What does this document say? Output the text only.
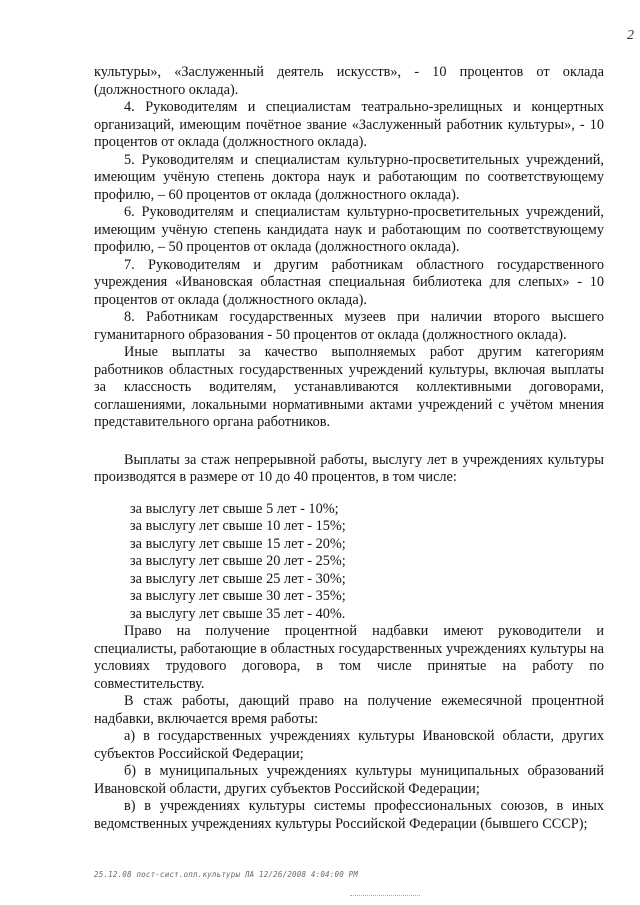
2

культуры», «Заслуженный деятель искусств», - 10 процентов от оклада (должностного оклада).

4. Руководителям и специалистам театрально-зрелищных и концертных организаций, имеющим почётное звание «Заслуженный работник культуры», - 10 процентов от оклада (должностного оклада).

5. Руководителям и специалистам культурно-просветительных учреждений, имеющим учёную степень доктора наук и работающим по соответствующему профилю, – 60 процентов от оклада (должностного оклада).

6. Руководителям и специалистам культурно-просветительных учреждений, имеющим учёную степень кандидата наук и работающим по соответствующему профилю, – 50 процентов от оклада (должностного оклада).

7. Руководителям и другим работникам областного государственного учреждения «Ивановская областная специальная библиотека для слепых» - 10 процентов от оклада (должностного оклада).

8. Работникам государственных музеев при наличии второго высшего гуманитарного образования - 50 процентов от оклада (должностного оклада).

Иные выплаты за качество выполняемых работ другим категориям работников областных государственных учреждений культуры, включая выплаты за классность водителям, устанавливаются коллективными договорами, соглашениями, локальными нормативными актами учреждений с учётом мнения представительного органа работников.

Выплаты за стаж непрерывной работы, выслугу лет в учреждениях культуры производятся в размере от 10 до 40 процентов, в том числе:

за выслугу лет свыше 5 лет - 10%;
за выслугу лет свыше 10 лет - 15%;
за выслугу лет свыше 15 лет - 20%;
за выслугу лет свыше 20 лет - 25%;
за выслугу лет свыше 25 лет - 30%;
за выслугу лет свыше 30 лет - 35%;
за выслугу лет свыше 35 лет - 40%.

Право на получение процентной надбавки имеют руководители и специалисты, работающие в областных государственных учреждениях культуры на условиях трудового договора, в том числе принятые на работу по совместительству.

В стаж работы, дающий право на получение ежемесячной процентной надбавки, включается время работы:

а) в государственных учреждениях культуры Ивановской области, других субъектов Российской Федерации;

б) в муниципальных учреждениях культуры муниципальных образований Ивановской области, других субъектов Российской Федерации;

в) в учреждениях культуры системы профессиональных союзов, в иных ведомственных учреждениях культуры Российской Федерации (бывшего СССР);

25.12.08 пост-сист.опл.культуры ЛА 12/26/2008 4:04:00 PM
